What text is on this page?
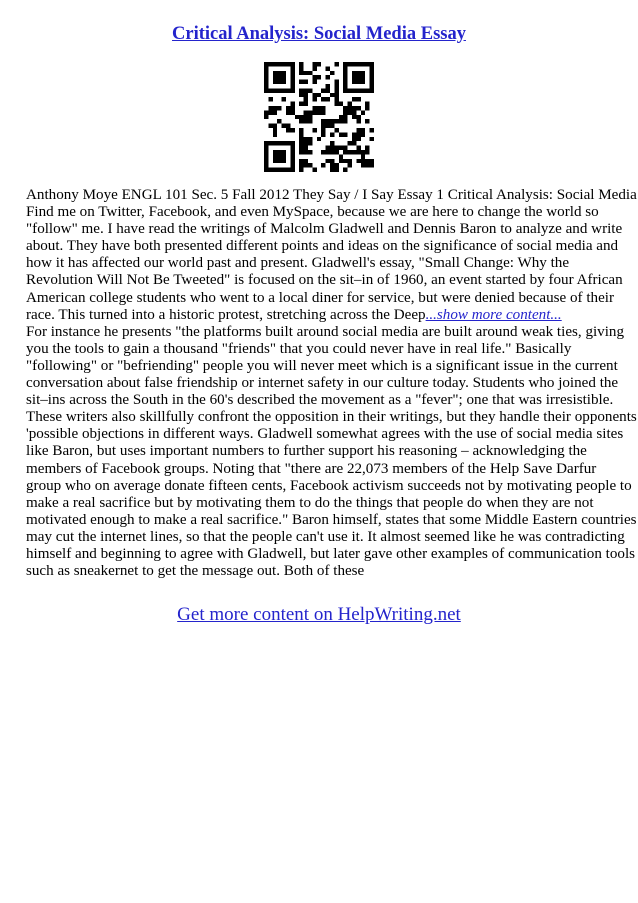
Critical Analysis: Social Media Essay

Anthony Moye ENGL 101 Sec. 5 Fall 2012 They Say / I Say Essay 1 Critical Analysis: Social Media

Find me on Twitter, Facebook, and even MySpace, because we are here to change the world so

"follow" me. I have read the writings of Malcolm Gladwell and Dennis Baron to analyze and write

about. They have both presented different points and ideas on the significance of social media and

how it has affected our world past and present. Gladwell's essay, "Small Change: Why the

Revolution Will Not Be Tweeted" is focused on the sit–in of 1960, an event started by four African

American college students who went to a local diner for service, but were denied because of their

race. This turned into a historic protest, stretching across the Deep...show more content...

For instance he presents "the platforms built around social media are built around weak ties, giving

you the tools to gain a thousand "friends" that you could never have in real life." Basically

"following" or "befriending" people you will never meet which is a significant issue in the current

conversation about false friendship or internet safety in our culture today. Students who joined the

sit–ins across the South in the 60's described the movement as a "fever"; one that was irresistible.

These writers also skillfully confront the opposition in their writings, but they handle their opponents

'possible objections in different ways. Gladwell somewhat agrees with the use of social media sites

like Baron, but uses important numbers to further support his reasoning – acknowledging the

members of Facebook groups. Noting that "there are 22,073 members of the Help Save Darfur

group who on average donate fifteen cents, Facebook activism succeeds not by motivating people to

make a real sacrifice but by motivating them to do the things that people do when they are not

motivated enough to make a real sacrifice." Baron himself, states that some Middle Eastern countries

may cut the internet lines, so that the people can't use it. It almost seemed like he was contradicting

himself and beginning to agree with Gladwell, but later gave other examples of communication tools

such as sneakernet to get the message out. Both of these

Get more content on HelpWriting.net
